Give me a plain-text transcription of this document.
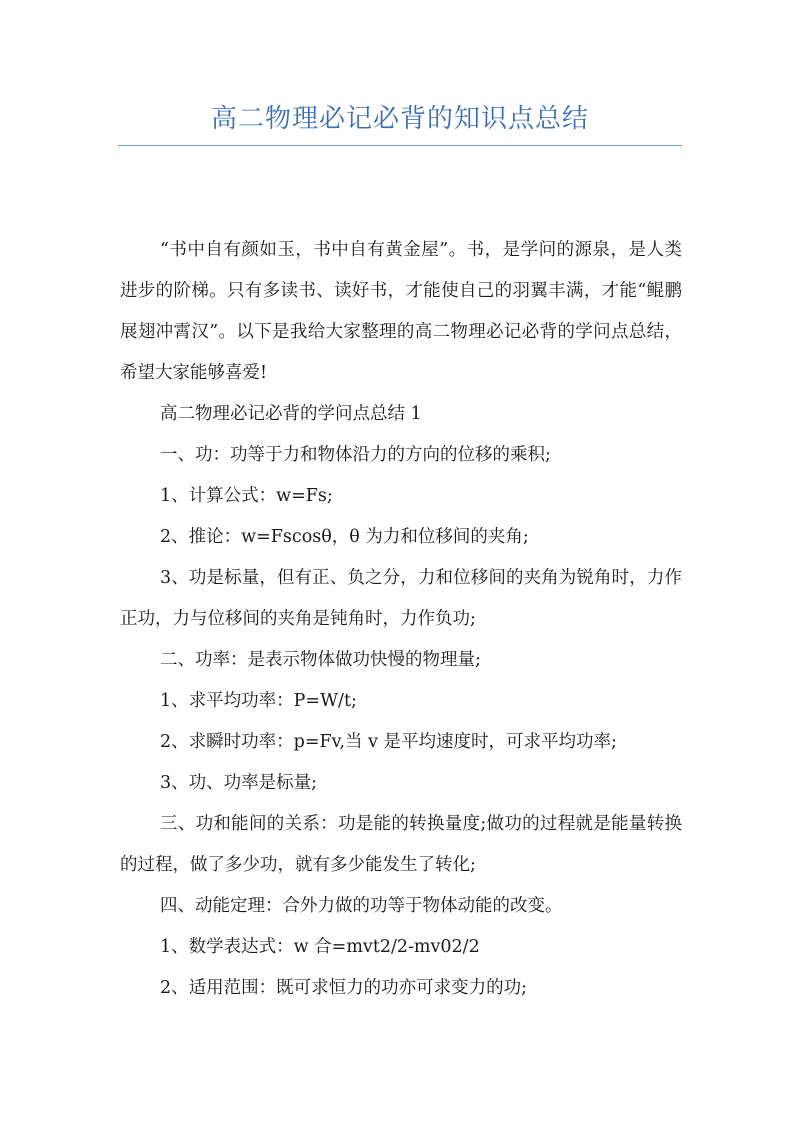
高二物理必记必背的知识点总结

“书中自有颜如玉，书中自有黄金屋”。书，是学问的源泉，是人类进步的阶梯。只有多读书、读好书，才能使自己的羽翼丰满，才能“鲲鹏展翅冲霄汉”。以下是我给大家整理的高二物理必记必背的学问点总结，希望大家能够喜爱!

高二物理必记必背的学问点总结 1

一、功：功等于力和物体沿力的方向的位移的乘积;

1、计算公式：w=Fs;

2、推论：w=Fscosθ，θ 为力和位移间的夹角;

3、功是标量，但有正、负之分，力和位移间的夹角为锐角时，力作正功，力与位移间的夹角是钝角时，力作负功;

二、功率：是表示物体做功快慢的物理量;

1、求平均功率：P=W/t;

2、求瞬时功率：p=Fv,当 v 是平均速度时，可求平均功率;

3、功、功率是标量;

三、功和能间的关系：功是能的转换量度;做功的过程就是能量转换的过程，做了多少功，就有多少能发生了转化;

四、动能定理：合外力做的功等于物体动能的改变。

1、数学表达式：w 合=mvt2/2-mv02/2

2、适用范围：既可求恒力的功亦可求变力的功;
